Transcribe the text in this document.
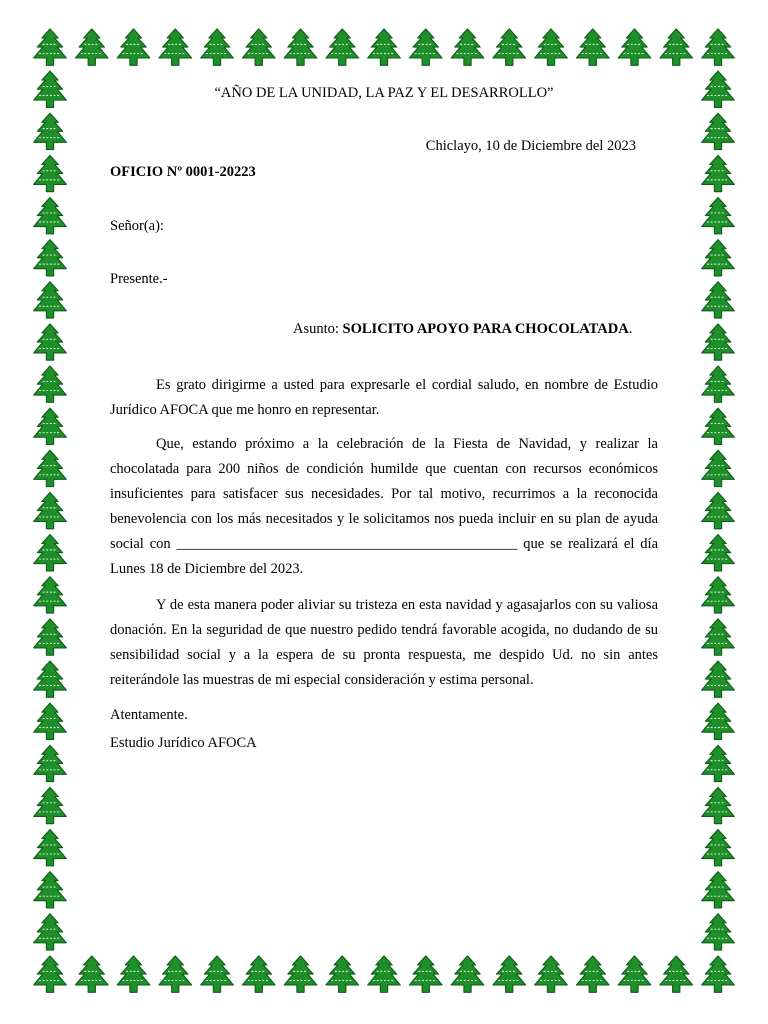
“AÑO DE LA UNIDAD, LA PAZ Y EL DESARROLLO”
Chiclayo, 10 de Diciembre del 2023
OFICIO Nº 0001-20223
Señor(a):
Presente.-
Asunto: SOLICITO APOYO PARA CHOCOLATADA.

Es grato dirigirme a usted para expresarle el cordial saludo, en nombre de Estudio Jurídico AFOCA que me honro en representar.

Que, estando próximo a la celebración de la Fiesta de Navidad, y realizar la chocolatada para 200 niños de condición humilde que cuentan con recursos económicos insuficientes para satisfacer sus necesidades. Por tal motivo, recurrimos a la reconocida benevolencia con los más necesitados y le solicitamos nos pueda incluir en su plan de ayuda social con _______________________________________________ que se realizará el día Lunes 18 de Diciembre del 2023.

Y de esta manera poder aliviar su tristeza en esta navidad y agasajarlos con su valiosa donación. En la seguridad de que nuestro pedido tendrá favorable acogida, no dudando de su sensibilidad social y a la espera de su pronta respuesta, me despido Ud. no sin antes reiterándole las muestras de mi especial consideración y estima personal.

Atentamente.
Estudio Jurídico AFOCA
